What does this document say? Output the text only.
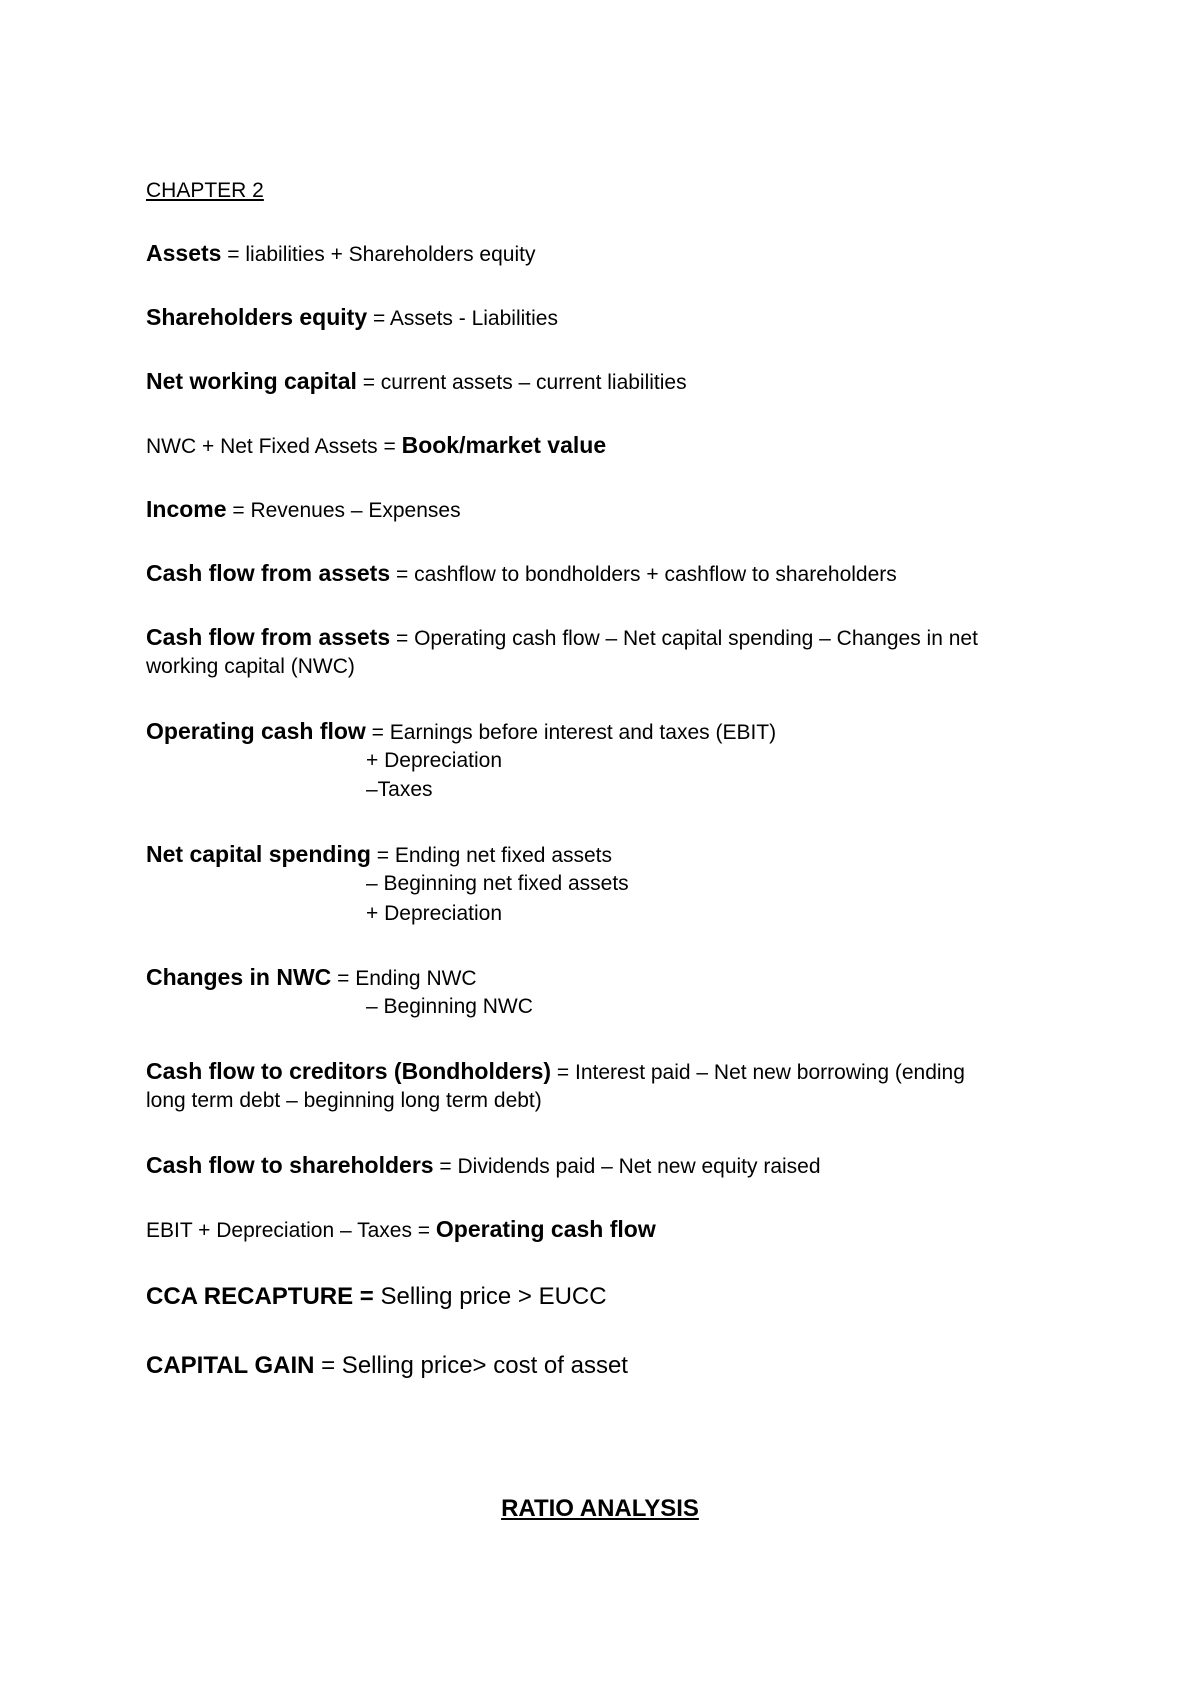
CHAPTER 2
Assets = liabilities + Shareholders equity
Shareholders equity = Assets - Liabilities
Net working capital = current assets – current liabilities
NWC + Net Fixed Assets = Book/market value
Income = Revenues – Expenses
Cash flow from assets = cashflow to bondholders + cashflow to shareholders
Cash flow from assets = Operating cash flow – Net capital spending – Changes in net
working capital (NWC)
Operating cash flow = Earnings before interest and taxes (EBIT)
+ Depreciation
–Taxes
Net capital spending = Ending net fixed assets
– Beginning net fixed assets
+ Depreciation
Changes in NWC = Ending NWC
– Beginning NWC
Cash flow to creditors (Bondholders) = Interest paid – Net new borrowing (ending
long term debt – beginning long term debt)
Cash flow to shareholders = Dividends paid – Net new equity raised
EBIT + Depreciation – Taxes = Operating cash flow
CCA RECAPTURE = Selling price > EUCC
CAPITAL GAIN = Selling price> cost of asset
RATIO ANALYSIS
